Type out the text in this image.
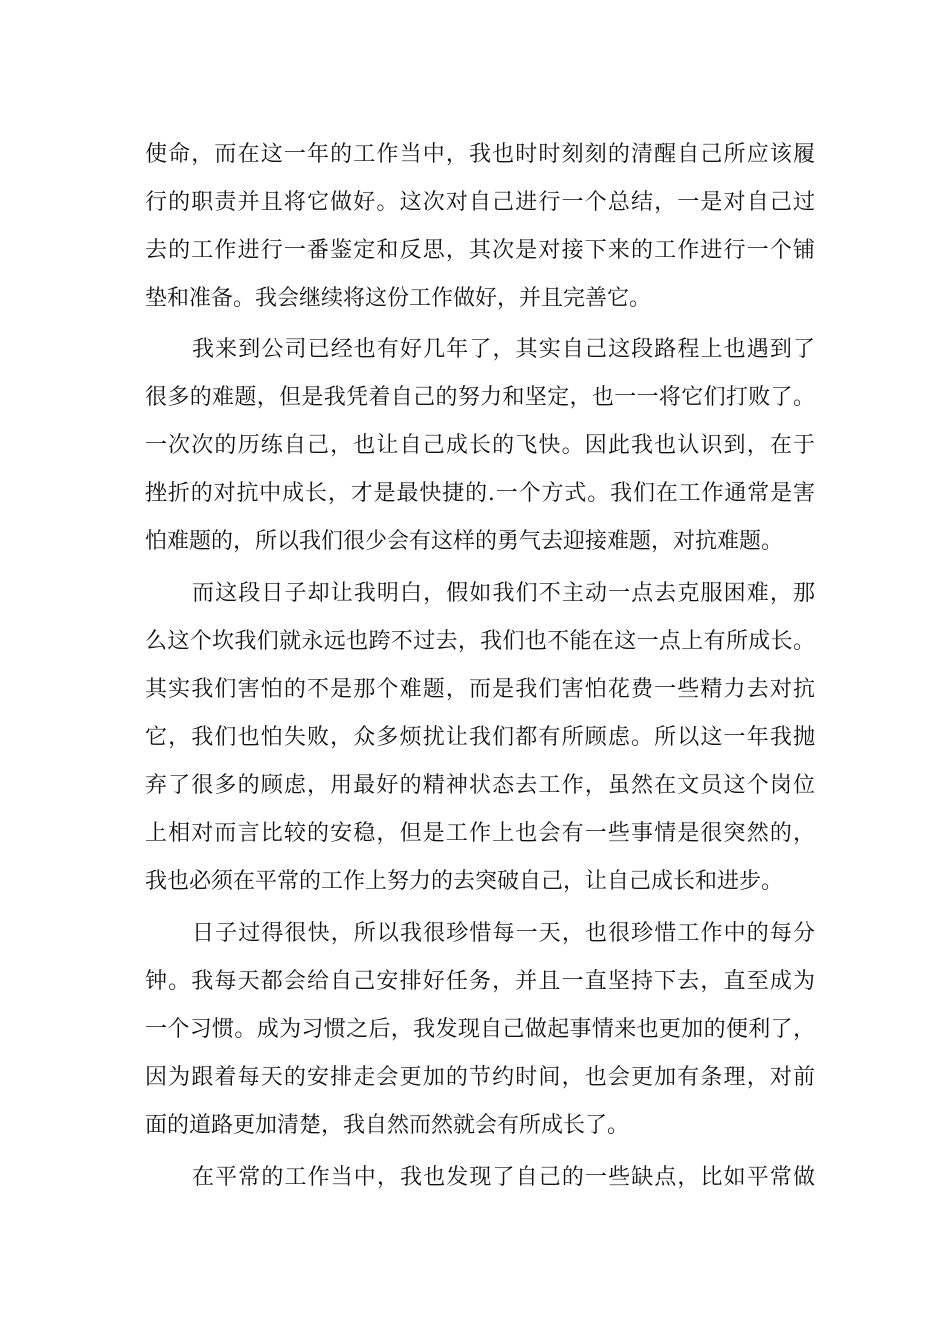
使命，而在这一年的工作当中，我也时时刻刻的清醒自己所应该履
行的职责并且将它做好。这次对自己进行一个总结，一是对自己过
去的工作进行一番鉴定和反思，其次是对接下来的工作进行一个铺
垫和准备。我会继续将这份工作做好，并且完善它。
我来到公司已经也有好几年了，其实自己这段路程上也遇到了
很多的难题，但是我凭着自己的努力和坚定，也一一将它们打败了。
一次次的历练自己，也让自己成长的飞快。因此我也认识到，在于
挫折的对抗中成长，才是最快捷的.一个方式。我们在工作通常是害
怕难题的，所以我们很少会有这样的勇气去迎接难题，对抗难题。
而这段日子却让我明白，假如我们不主动一点去克服困难，那
么这个坎我们就永远也跨不过去，我们也不能在这一点上有所成长。
其实我们害怕的不是那个难题，而是我们害怕花费一些精力去对抗
它，我们也怕失败，众多烦扰让我们都有所顾虑。所以这一年我抛
弃了很多的顾虑，用最好的精神状态去工作，虽然在文员这个岗位
上相对而言比较的安稳，但是工作上也会有一些事情是很突然的，
我也必须在平常的工作上努力的去突破自己，让自己成长和进步。
日子过得很快，所以我很珍惜每一天，也很珍惜工作中的每分
钟。我每天都会给自己安排好任务，并且一直坚持下去，直至成为
一个习惯。成为习惯之后，我发现自己做起事情来也更加的便利了，
因为跟着每天的安排走会更加的节约时间，也会更加有条理，对前
面的道路更加清楚，我自然而然就会有所成长了。
在平常的工作当中，我也发现了自己的一些缺点，比如平常做
